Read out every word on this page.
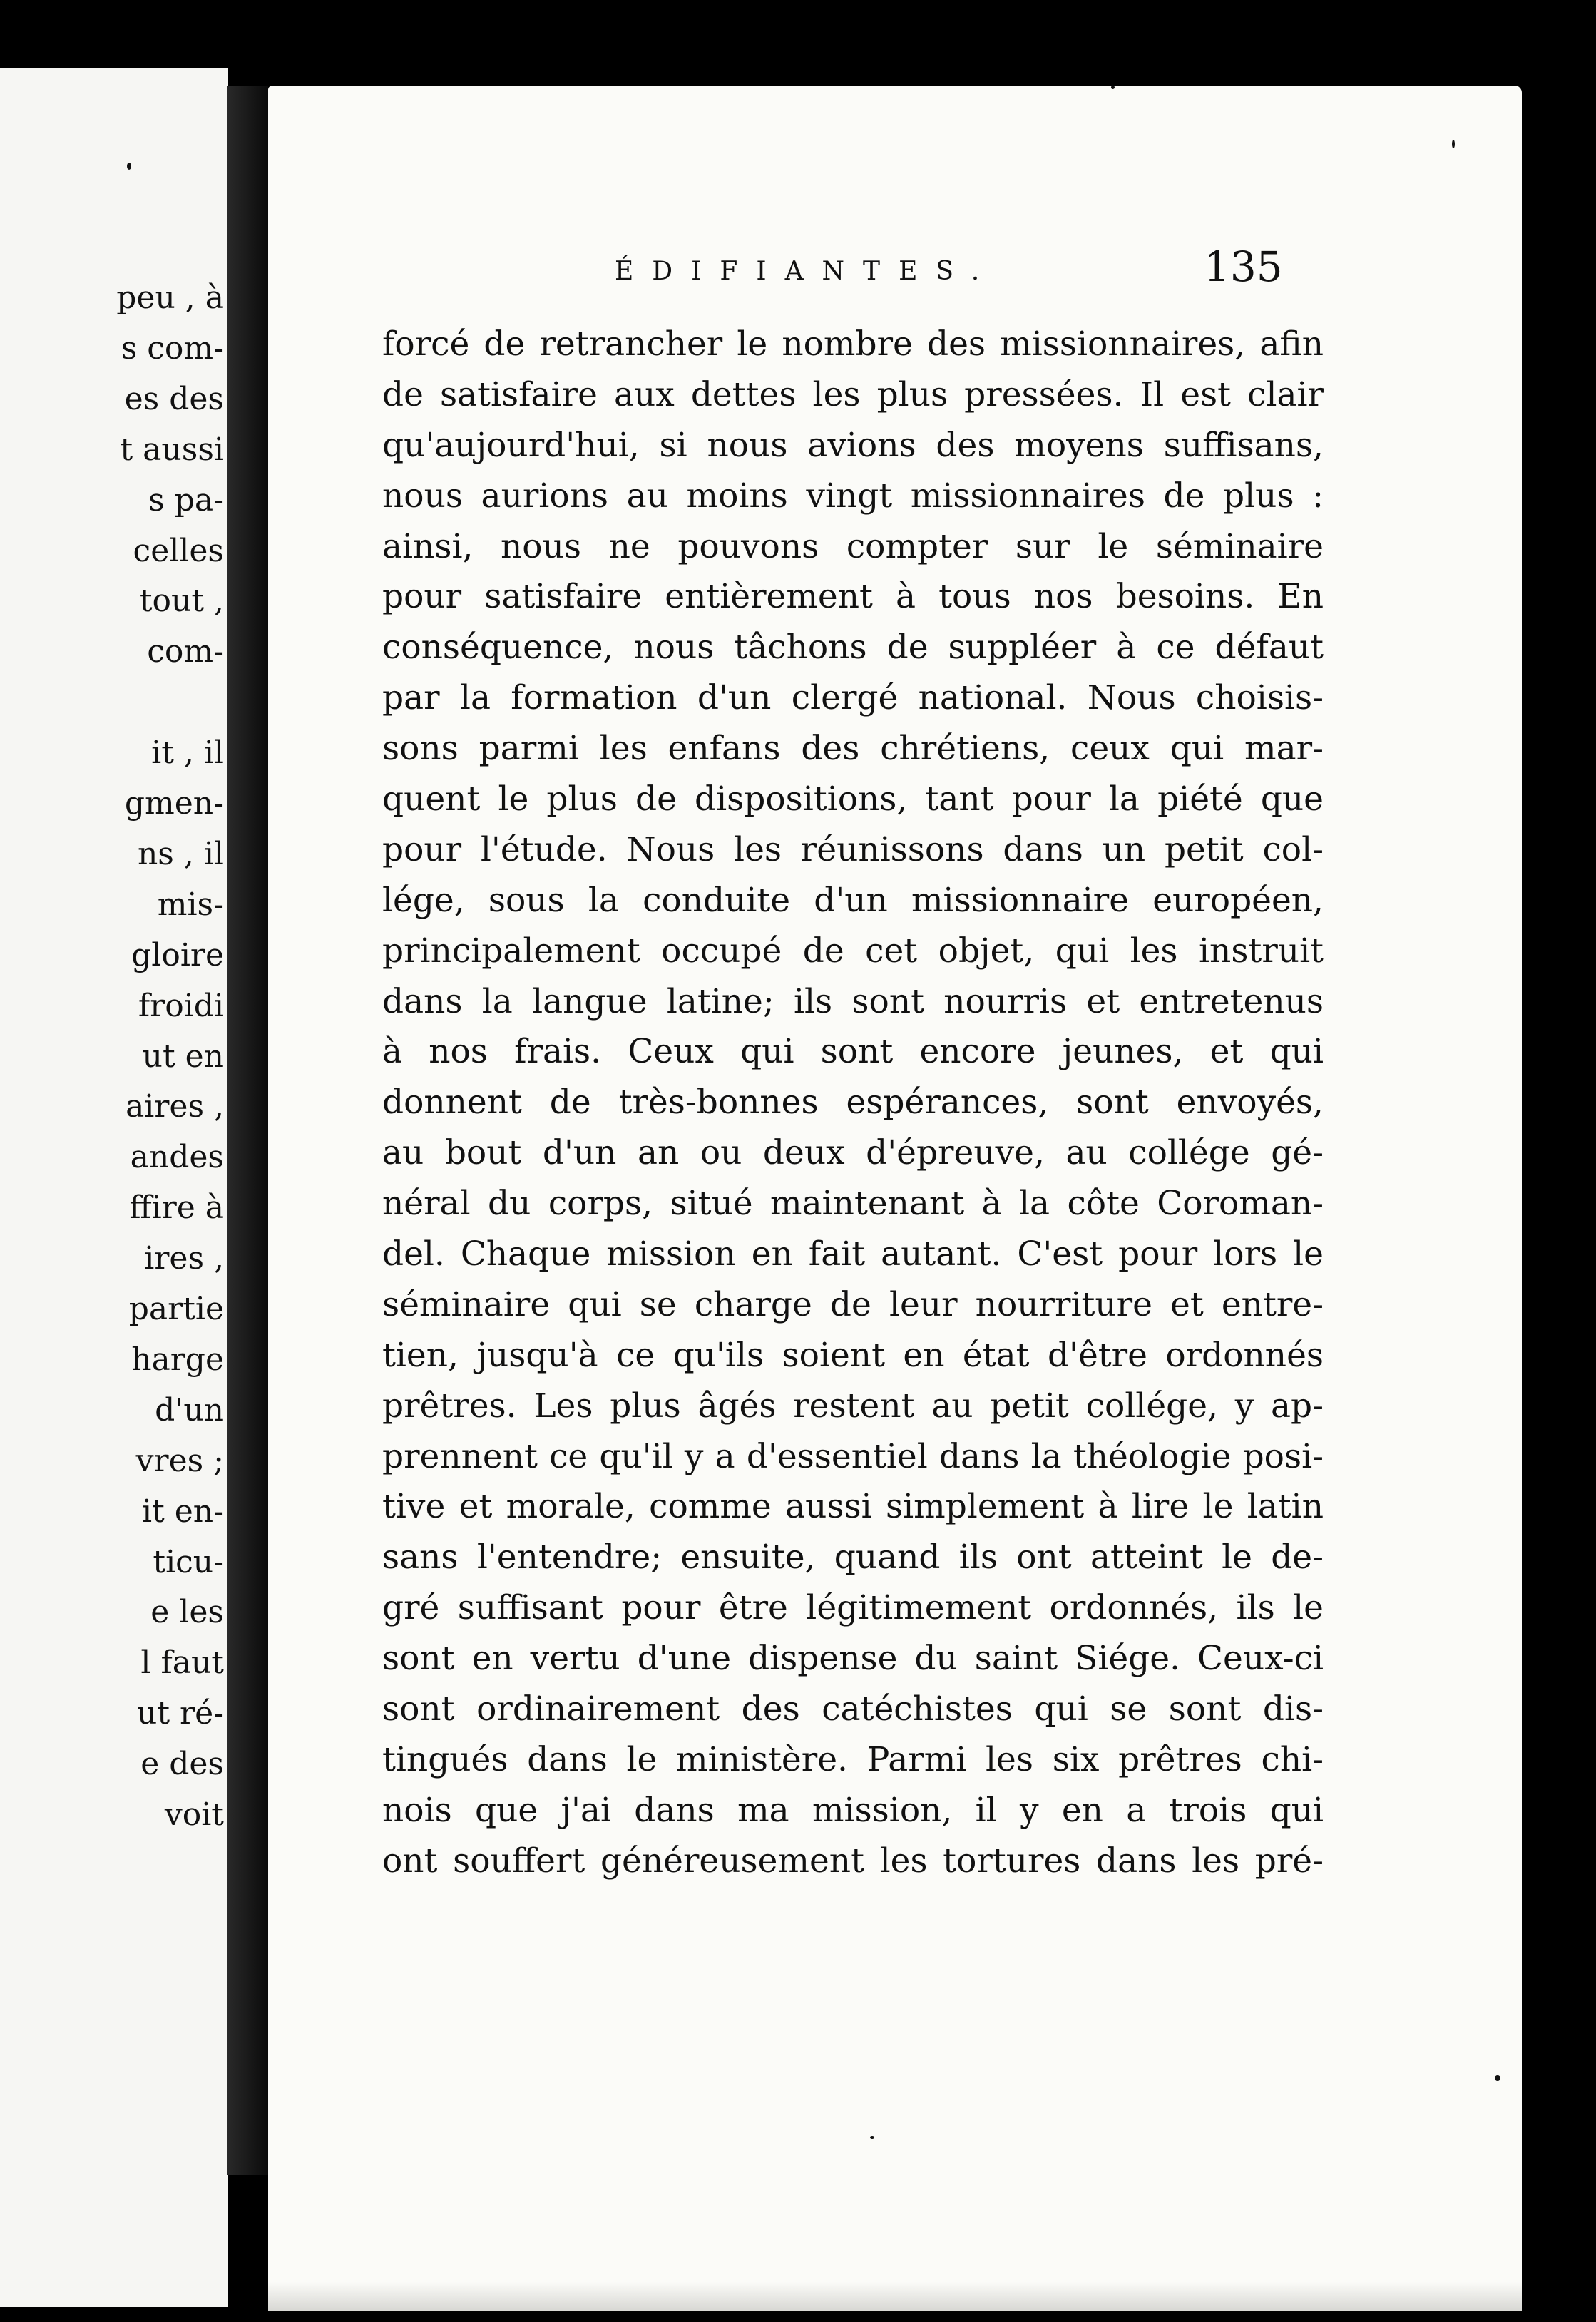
peu , à
s com-
es des
t aussi
s pa-
celles
tout ,
com-
it , il
gmen-
ns , il
mis-
gloire
froidi
ut en
aires ,
andes
ffire à
ires ,
partie
harge
d'un
vres ;
it en-
ticu-
e les
l faut
ut ré-
e des
voit
ÉDIFIANTES.	135
forcé de retrancher le nombre des missionnaires, afin
de satisfaire aux dettes les plus pressées. Il est clair
qu'aujourd'hui, si nous avions des moyens suffisans,
nous aurions au moins vingt missionnaires de plus :
ainsi, nous ne pouvons compter sur le séminaire
pour satisfaire entièrement à tous nos besoins. En
conséquence, nous tâchons de suppléer à ce défaut
par la formation d'un clergé national. Nous choisis-
sons parmi les enfans des chrétiens, ceux qui mar-
quent le plus de dispositions, tant pour la piété que
pour l'étude. Nous les réunissons dans un petit col-
lége, sous la conduite d'un missionnaire européen,
principalement occupé de cet objet, qui les instruit
dans la langue latine; ils sont nourris et entretenus
à nos frais. Ceux qui sont encore jeunes, et qui
donnent de très-bonnes espérances, sont envoyés,
au bout d'un an ou deux d'épreuve, au collége gé-
néral du corps, situé maintenant à la côte Coroman-
del. Chaque mission en fait autant. C'est pour lors le
séminaire qui se charge de leur nourriture et entre-
tien, jusqu'à ce qu'ils soient en état d'être ordonnés
prêtres. Les plus âgés restent au petit collége, y ap-
prennent ce qu'il y a d'essentiel dans la théologie posi-
tive et morale, comme aussi simplement à lire le latin
sans l'entendre; ensuite, quand ils ont atteint le de-
gré suffisant pour être légitimement ordonnés, ils le
sont en vertu d'une dispense du saint Siége. Ceux-ci
sont ordinairement des catéchistes qui se sont dis-
tingués dans le ministère. Parmi les six prêtres chi-
nois que j'ai dans ma mission, il y en a trois qui
ont souffert généreusement les tortures dans les pré-
